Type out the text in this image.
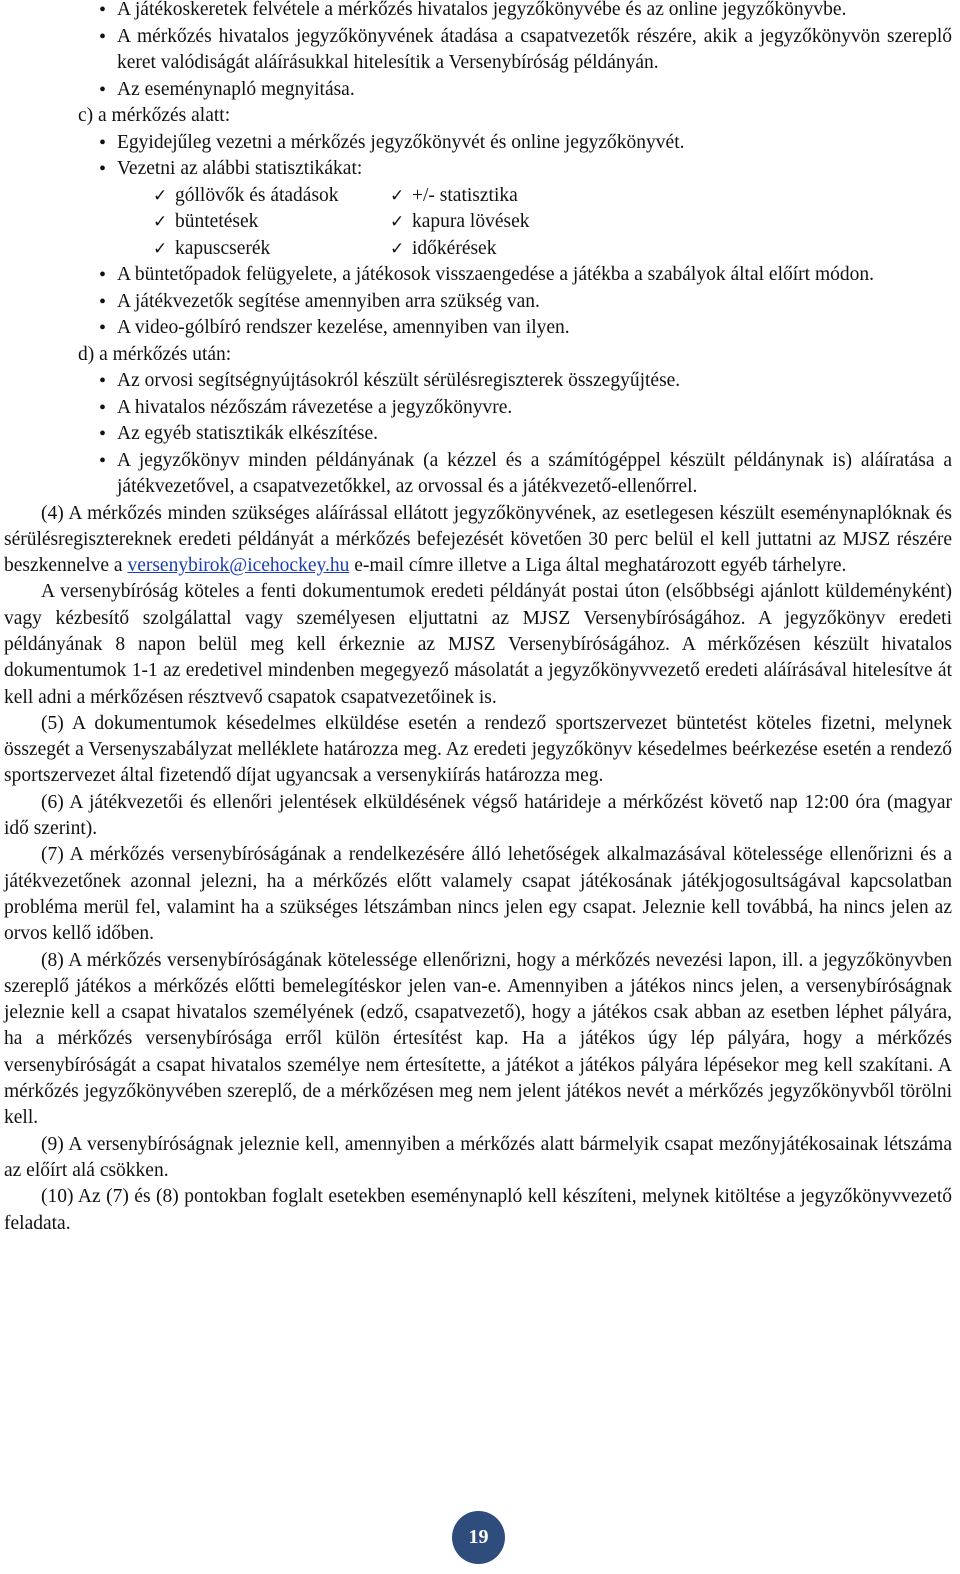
• A játékoskeretek felvétele a mérkőzés hivatalos jegyzőkönyvébe és az online jegyzőkönyvbe.
• A mérkőzés hivatalos jegyzőkönyvének átadása a csapatvezetők részére, akik a jegyzőkönyvön szereplő keret valódiságát aláírásukkal hitelesítik a Versenybíróság példányán.
• Az eseménynapló megnyitása.
c) a mérkőzés alatt:
• Egyidejűleg vezetni a mérkőzés jegyzőkönyvét és online jegyzőkönyvét.
• Vezetni az alábbi statisztikákat:
✓ góllövők és átadások	✓ +/- statisztika
✓ büntetések	✓ kapura lövések
✓ kapuscserék	✓ időkérések
• A büntetőpadok felügyelete, a játékosok visszaengedése a játékba a szabályok által előírt módon.
• A játékvezetők segítése amennyiben arra szükség van.
• A video-gólbíró rendszer kezelése, amennyiben van ilyen.
d) a mérkőzés után:
• Az orvosi segítségnyújtásokról készült sérülésregiszterek összegyűjtése.
• A hivatalos nézőszám rávezetése a jegyzőkönyvre.
• Az egyéb statisztikák elkészítése.
• A jegyzőkönyv minden példányának (a kézzel és a számítógéppel készült példánynak is) aláíratása a játékvezetővel, a csapatvezetőkkel, az orvossal és a játékvezető-ellenőrrel.

(4) A mérkőzés minden szükséges aláírással ellátott jegyzőkönyvének, az esetlegesen készült eseménynaplóknak és sérülésregisztereknek eredeti példányát a mérkőzés befejezését követően 30 perc belül el kell juttatni az MJSZ részére beszkennelve a versenybirok@icehockey.hu e-mail címre illetve a Liga által meghatározott egyéb tárhelyre.

A versenybíróság köteles a fenti dokumentumok eredeti példányát postai úton (elsőbbségi ajánlott küldeményként) vagy kézbesítő szolgálattal vagy személyesen eljuttatni az MJSZ Versenybíróságához. A jegyzőkönyv eredeti példányának 8 napon belül meg kell érkeznie az MJSZ Versenybíróságához. A mérkőzésen készült hivatalos dokumentumok 1-1 az eredetivel mindenben megegyező másolatát a jegyzőkönyvvezető eredeti aláírásával hitelesítve át kell adni a mérkőzésen résztvevő csapatok csapatvezetőinek is.

(5) A dokumentumok késedelmes elküldése esetén a rendező sportszervezet büntetést köteles fizetni, melynek összegét a Versenyszabályzat melléklete határozza meg. Az eredeti jegyzőkönyv késedelmes beérkezése esetén a rendező sportszervezet által fizetendő díjat ugyancsak a versenykiírás határozza meg.

(6) A játékvezetői és ellenőri jelentések elküldésének végső határideje a mérkőzést követő nap 12:00 óra (magyar idő szerint).

(7) A mérkőzés versenybíróságának a rendelkezésére álló lehetőségek alkalmazásával kötelessége ellenőrizni és a játékvezetőnek azonnal jelezni, ha a mérkőzés előtt valamely csapat játékosának játékjogosultságával kapcsolatban probléma merül fel, valamint ha a szükséges létszámban nincs jelen egy csapat. Jeleznie kell továbbá, ha nincs jelen az orvos kellő időben.

(8) A mérkőzés versenybíróságának kötelessége ellenőrizni, hogy a mérkőzés nevezési lapon, ill. a jegyzőkönyvben szereplő játékos a mérkőzés előtti bemelegítéskor jelen van-e. Amennyiben a játékos nincs jelen, a versenybíróságnak jeleznie kell a csapat hivatalos személyének (edző, csapatvezető), hogy a játékos csak abban az esetben léphet pályára, ha a mérkőzés versenybírósága erről külön értesítést kap. Ha a játékos úgy lép pályára, hogy a mérkőzés versenybíróságát a csapat hivatalos személye nem értesítette, a játékot a játékos pályára lépésekor meg kell szakítani. A mérkőzés jegyzőkönyvében szereplő, de a mérkőzésen meg nem jelent játékos nevét a mérkőzés jegyzőkönyvből törölni kell.

(9) A versenybíróságnak jeleznie kell, amennyiben a mérkőzés alatt bármelyik csapat mezőnyjátékosainak létszáma az előírt alá csökken.

(10) Az (7) és (8) pontokban foglalt esetekben eseménynapló kell készíteni, melynek kitöltése a jegyzőkönyvvezető feladata.

19
